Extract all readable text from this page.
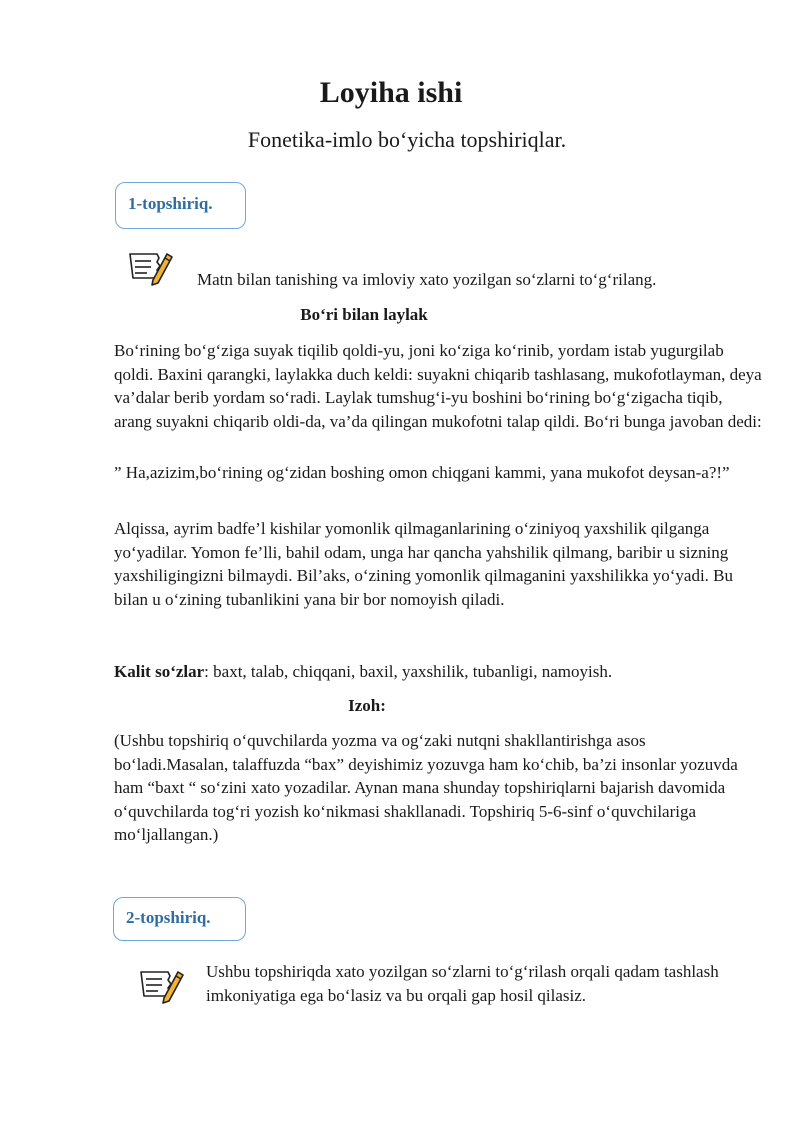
Loyiha ishi
Fonetika-imlo bo‘yicha topshiriqlar.
1-topshiriq.
Matn bilan tanishing va imloviy xato yozilgan so‘zlarni to‘g‘rilang.
Bo‘ri bilan laylak
Bo‘rining bo‘g‘ziga suyak tiqilib qoldi-yu, joni ko‘ziga ko‘rinib, yordam istab yugurgilab qoldi. Baxini qarangki, laylakka duch keldi: suyakni chiqarib tashlasang, mukofotlayman, deya va’dalar berib yordam so‘radi. Laylak tumshug‘i-yu boshini bo‘rining bo‘g‘zigacha tiqib, arang suyakni chiqarib oldi-da, va’da qilingan mukofotni talap qildi. Bo‘ri bunga javoban dedi:
” Ha,azizim,bo‘rining og‘zidan boshing omon chiqgani kammi, yana mukofot deysan-a?!”
Alqissa, ayrim badfe’l kishilar yomonlik qilmaganlarining o‘ziniyoq yaxshilik qilganga yo‘yadilar. Yomon fe’lli, bahil odam, unga har qancha yahshilik qilmang, baribir u sizning yaxshiligingizni bilmaydi. Bil’aks, o‘zining yomonlik qilmaganini yaxshilikka yo‘yadi. Bu bilan u o‘zining tubanlikini yana bir bor nomoyish qiladi.
Kalit so‘zlar: baxt, talab, chiqqani, baxil, yaxshilik, tubanligi, namoyish.
Izoh:
(Ushbu topshiriq o‘quvchilarda yozma va og‘zaki nutqni shakllantirishga asos bo‘ladi.Masalan, talaffuzda “bax” deyishimiz yozuvga ham ko‘chib, ba’zi insonlar yozuvda ham “baxt “ so‘zini xato yozadilar. Aynan mana shunday topshiriqlarni bajarish davomida o‘quvchilarda tog‘ri yozish ko‘nikmasi shakllanadi. Topshiriq 5-6-sinf o‘quvchilariga mo‘ljallangan.)
2-topshiriq.
Ushbu topshiriqda xato yozilgan so‘zlarni to‘g‘rilash orqali qadam tashlash imkoniyatiga ega bo‘lasiz va bu orqali gap hosil qilasiz.
